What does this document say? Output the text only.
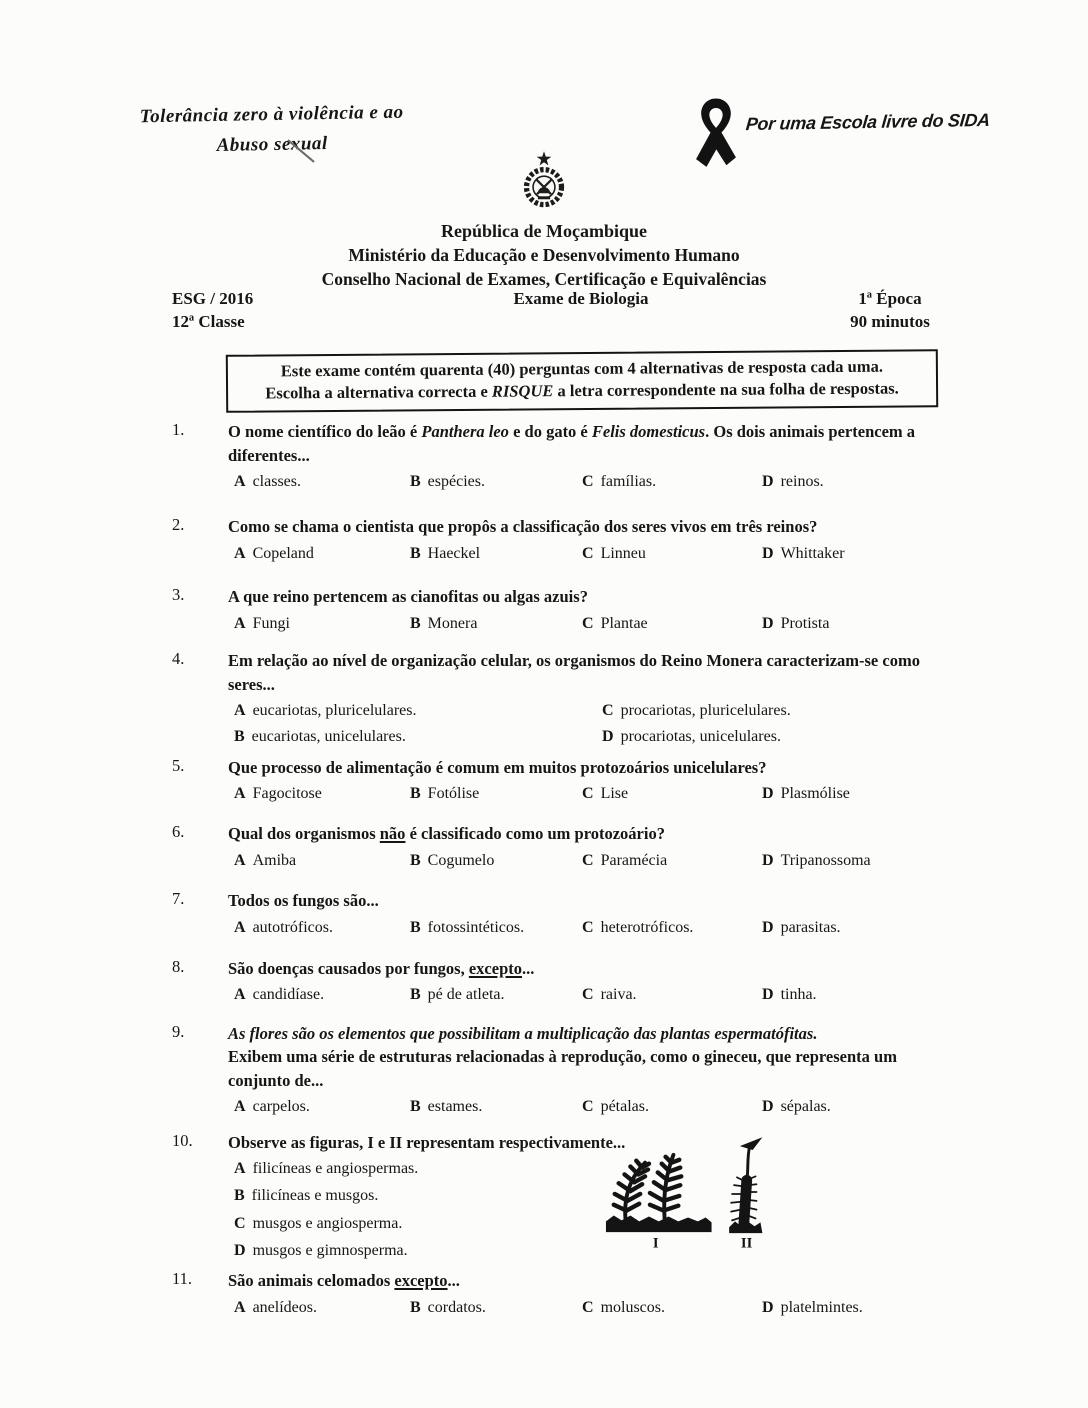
Tolerância zero à violência e ao
Abuso sexual
Por uma Escola livre do SIDA
República de Moçambique
Ministério da Educação e Desenvolvimento Humano
Conselho Nacional de Exames, Certificação e Equivalências
ESG / 2016
12ª Classe
Exame de Biologia	1ª Época
90 minutos
Este exame contém quarenta (40) perguntas com 4 alternativas de resposta cada uma.
Escolha a alternativa correcta e RISQUE a letra correspondente na sua folha de respostas.
1.	O nome científico do leão é Panthera leo e do gato é Felis domesticus. Os dois animais pertencem a diferentes...
A classes.	B espécies.	C famílias.	D reinos.
2.	Como se chama o cientista que propôs a classificação dos seres vivos em três reinos?
A Copeland	B Haeckel	C Linneu	D Whittaker
3.	A que reino pertencem as cianofitas ou algas azuis?
A Fungi	B Monera	C Plantae	D Protista
4.	Em relação ao nível de organização celular, os organismos do Reino Monera caracterizam-se como seres...
A eucariotas, pluricelulares.	C procariotas, pluricelulares.
B eucariotas, unicelulares.	D procariotas, unicelulares.
5.	Que processo de alimentação é comum em muitos protozoários unicelulares?
A Fagocitose	B Fotólise	C Lise	D Plasmólise
6.	Qual dos organismos não é classificado como um protozoário?
A Amiba	B Cogumelo	C Paramécia	D Tripanossoma
7.	Todos os fungos são...
A autotróficos.	B fotossintéticos.	C heterotróficos.	D parasitas.
8.	São doenças causados por fungos, excepto...
A candidíase.	B pé de atleta.	C raiva.	D tinha.
9.	As flores são os elementos que possibilitam a multiplicação das plantas espermatófitas.
Exibem uma série de estruturas relacionadas à reprodução, como o gineceu, que representa um conjunto de...
A carpelos.	B estames.	C pétalas.	D sépalas.
10.	Observe as figuras, I e II representam respectivamente...
A filicíneas e angiospermas.
B filicíneas e musgos.
C musgos e angiosperma.
D musgos e gimnosperma.	I	II
11.	São animais celomados excepto...
A anelídeos.	B cordatos.	C moluscos.	D platelmintes.
